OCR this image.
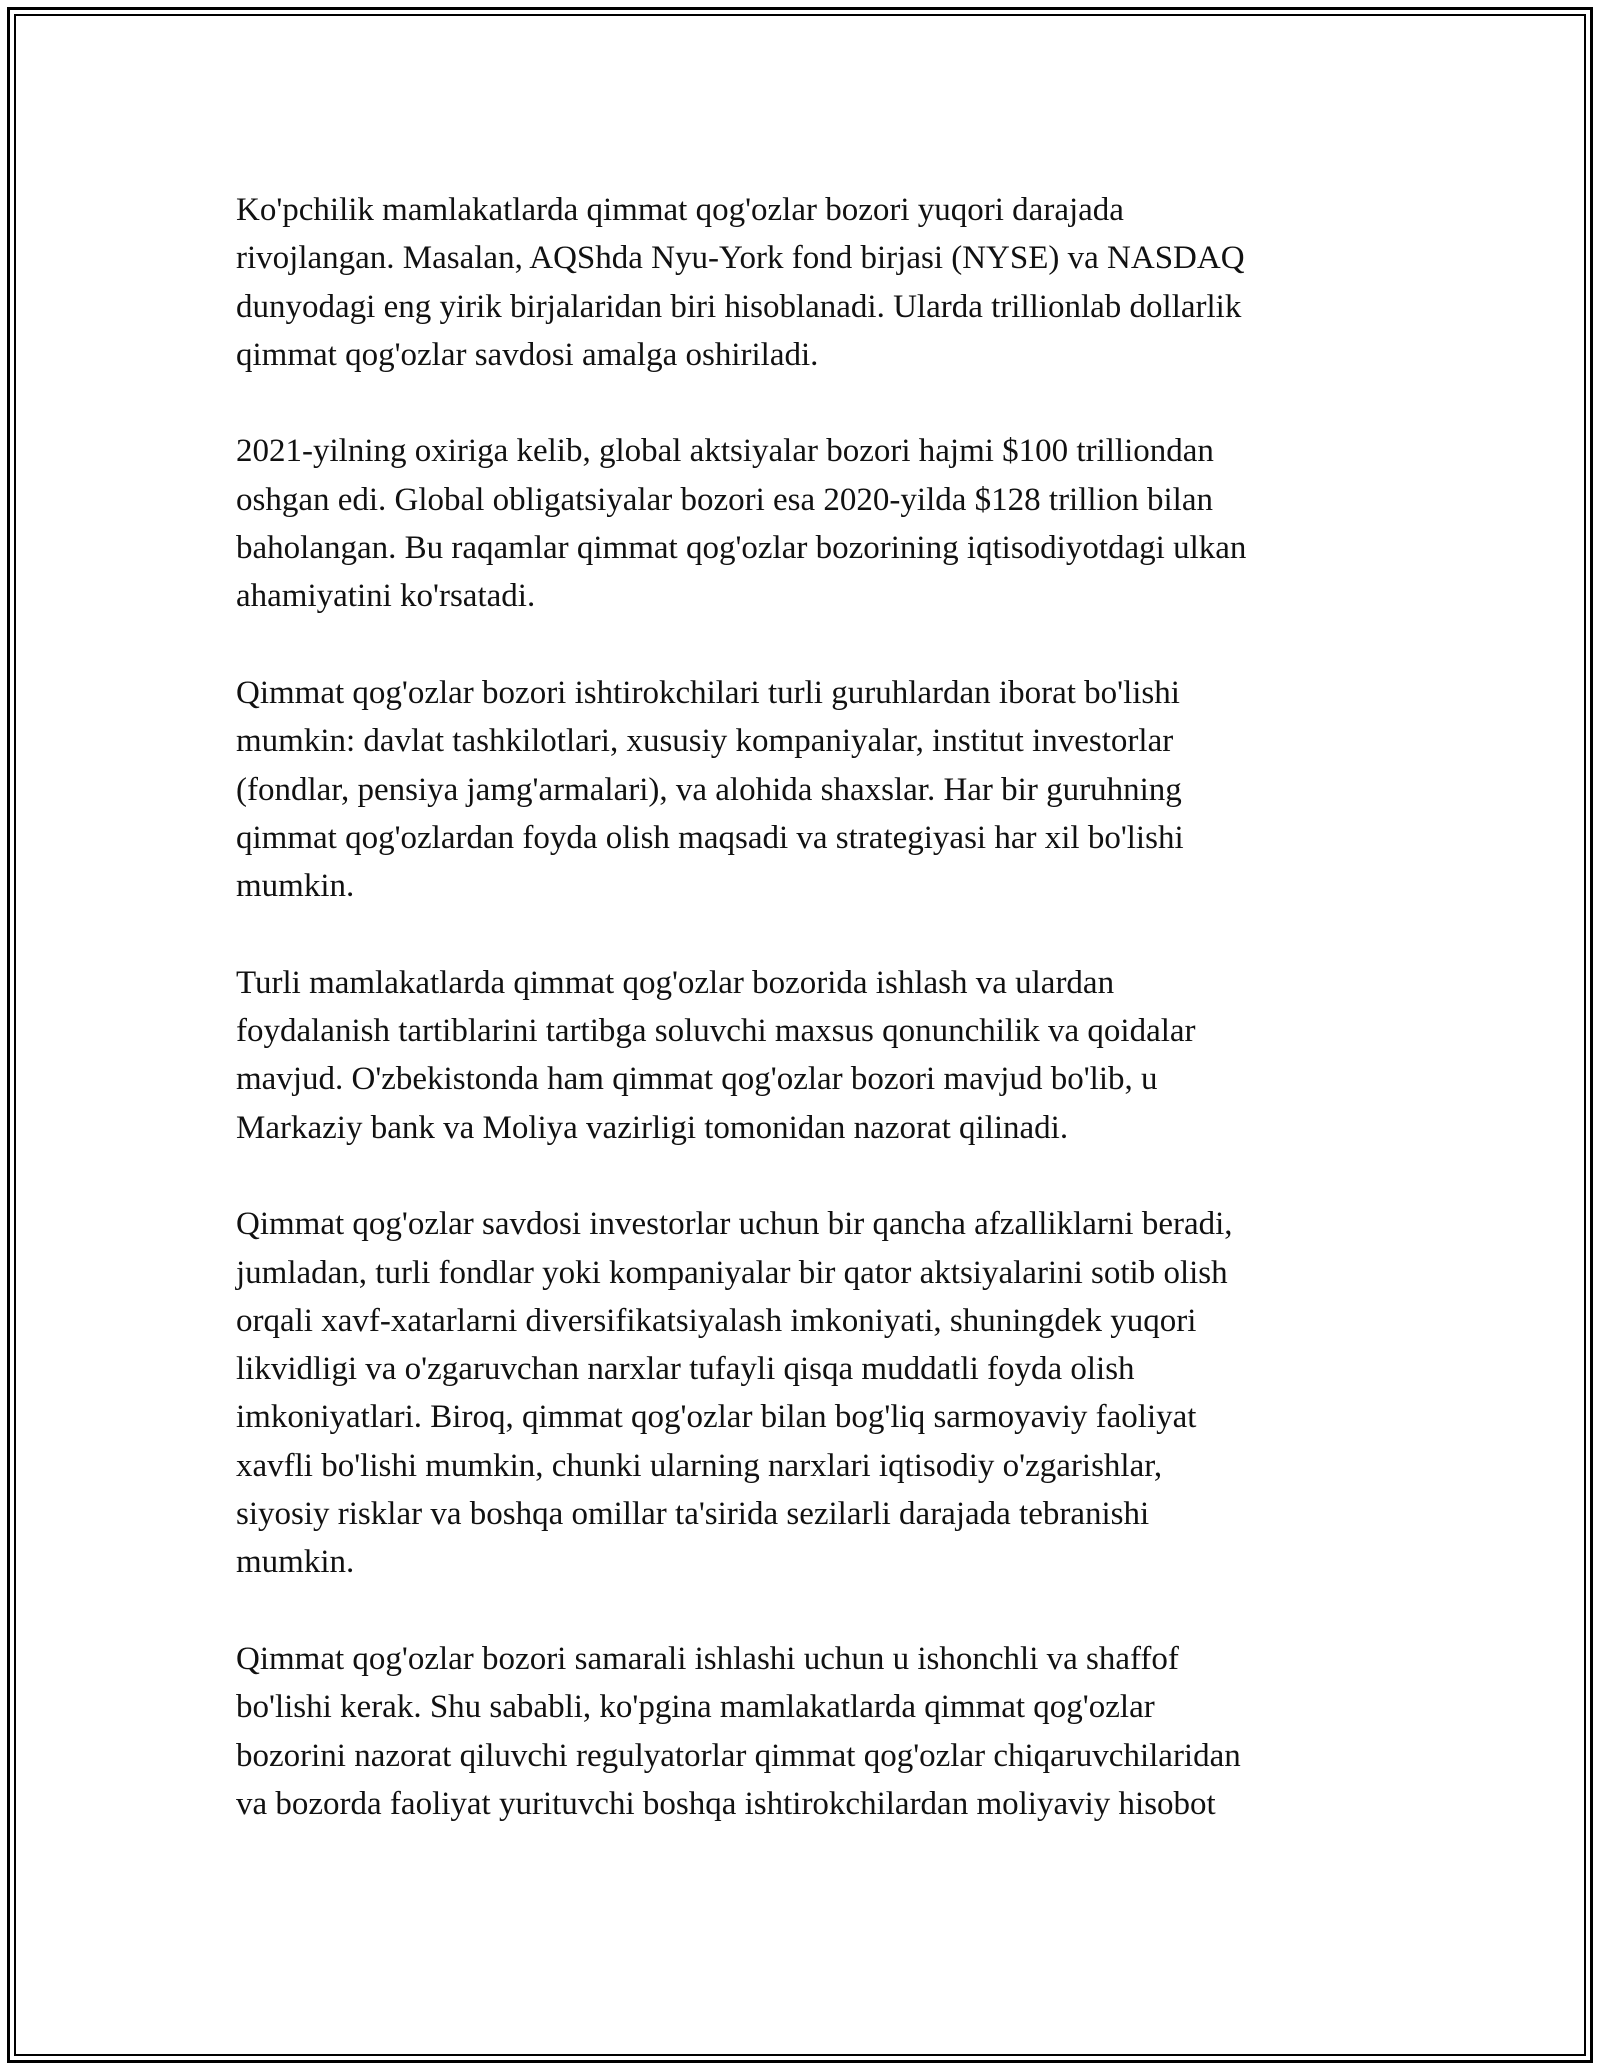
Ko'pchilik mamlakatlarda qimmat qog'ozlar bozori yuqori darajada
rivojlangan. Masalan, AQShda Nyu-York fond birjasi (NYSE) va NASDAQ
dunyodagi eng yirik birjalaridan biri hisoblanadi. Ularda trillionlab dollarlik
qimmat qog'ozlar savdosi amalga oshiriladi.

2021-yilning oxiriga kelib, global aktsiyalar bozori hajmi $100 trilliondan
oshgan edi. Global obligatsiyalar bozori esa 2020-yilda $128 trillion bilan
baholangan. Bu raqamlar qimmat qog'ozlar bozorining iqtisodiyotdagi ulkan
ahamiyatini ko'rsatadi.

Qimmat qog'ozlar bozori ishtirokchilari turli guruhlardan iborat bo'lishi
mumkin: davlat tashkilotlari, xususiy kompaniyalar, institut investorlar
(fondlar, pensiya jamg'armalari), va alohida shaxslar. Har bir guruhning
qimmat qog'ozlardan foyda olish maqsadi va strategiyasi har xil bo'lishi
mumkin.

Turli mamlakatlarda qimmat qog'ozlar bozorida ishlash va ulardan
foydalanish tartiblarini tartibga soluvchi maxsus qonunchilik va qoidalar
mavjud. O'zbekistonda ham qimmat qog'ozlar bozori mavjud bo'lib, u
Markaziy bank va Moliya vazirligi tomonidan nazorat qilinadi.

Qimmat qog'ozlar savdosi investorlar uchun bir qancha afzalliklarni beradi,
jumladan, turli fondlar yoki kompaniyalar bir qator aktsiyalarini sotib olish
orqali xavf-xatarlarni diversifikatsiyalash imkoniyati, shuningdek yuqori
likvidligi va o'zgaruvchan narxlar tufayli qisqa muddatli foyda olish
imkoniyatlari. Biroq, qimmat qog'ozlar bilan bog'liq sarmoyaviy faoliyat
xavfli bo'lishi mumkin, chunki ularning narxlari iqtisodiy o'zgarishlar,
siyosiy risklar va boshqa omillar ta'sirida sezilarli darajada tebranishi
mumkin.

Qimmat qog'ozlar bozori samarali ishlashi uchun u ishonchli va shaffof
bo'lishi kerak. Shu sababli, ko'pgina mamlakatlarda qimmat qog'ozlar
bozorini nazorat qiluvchi regulyatorlar qimmat qog'ozlar chiqaruvchilaridan
va bozorda faoliyat yurituvchi boshqa ishtirokchilardan moliyaviy hisobot
